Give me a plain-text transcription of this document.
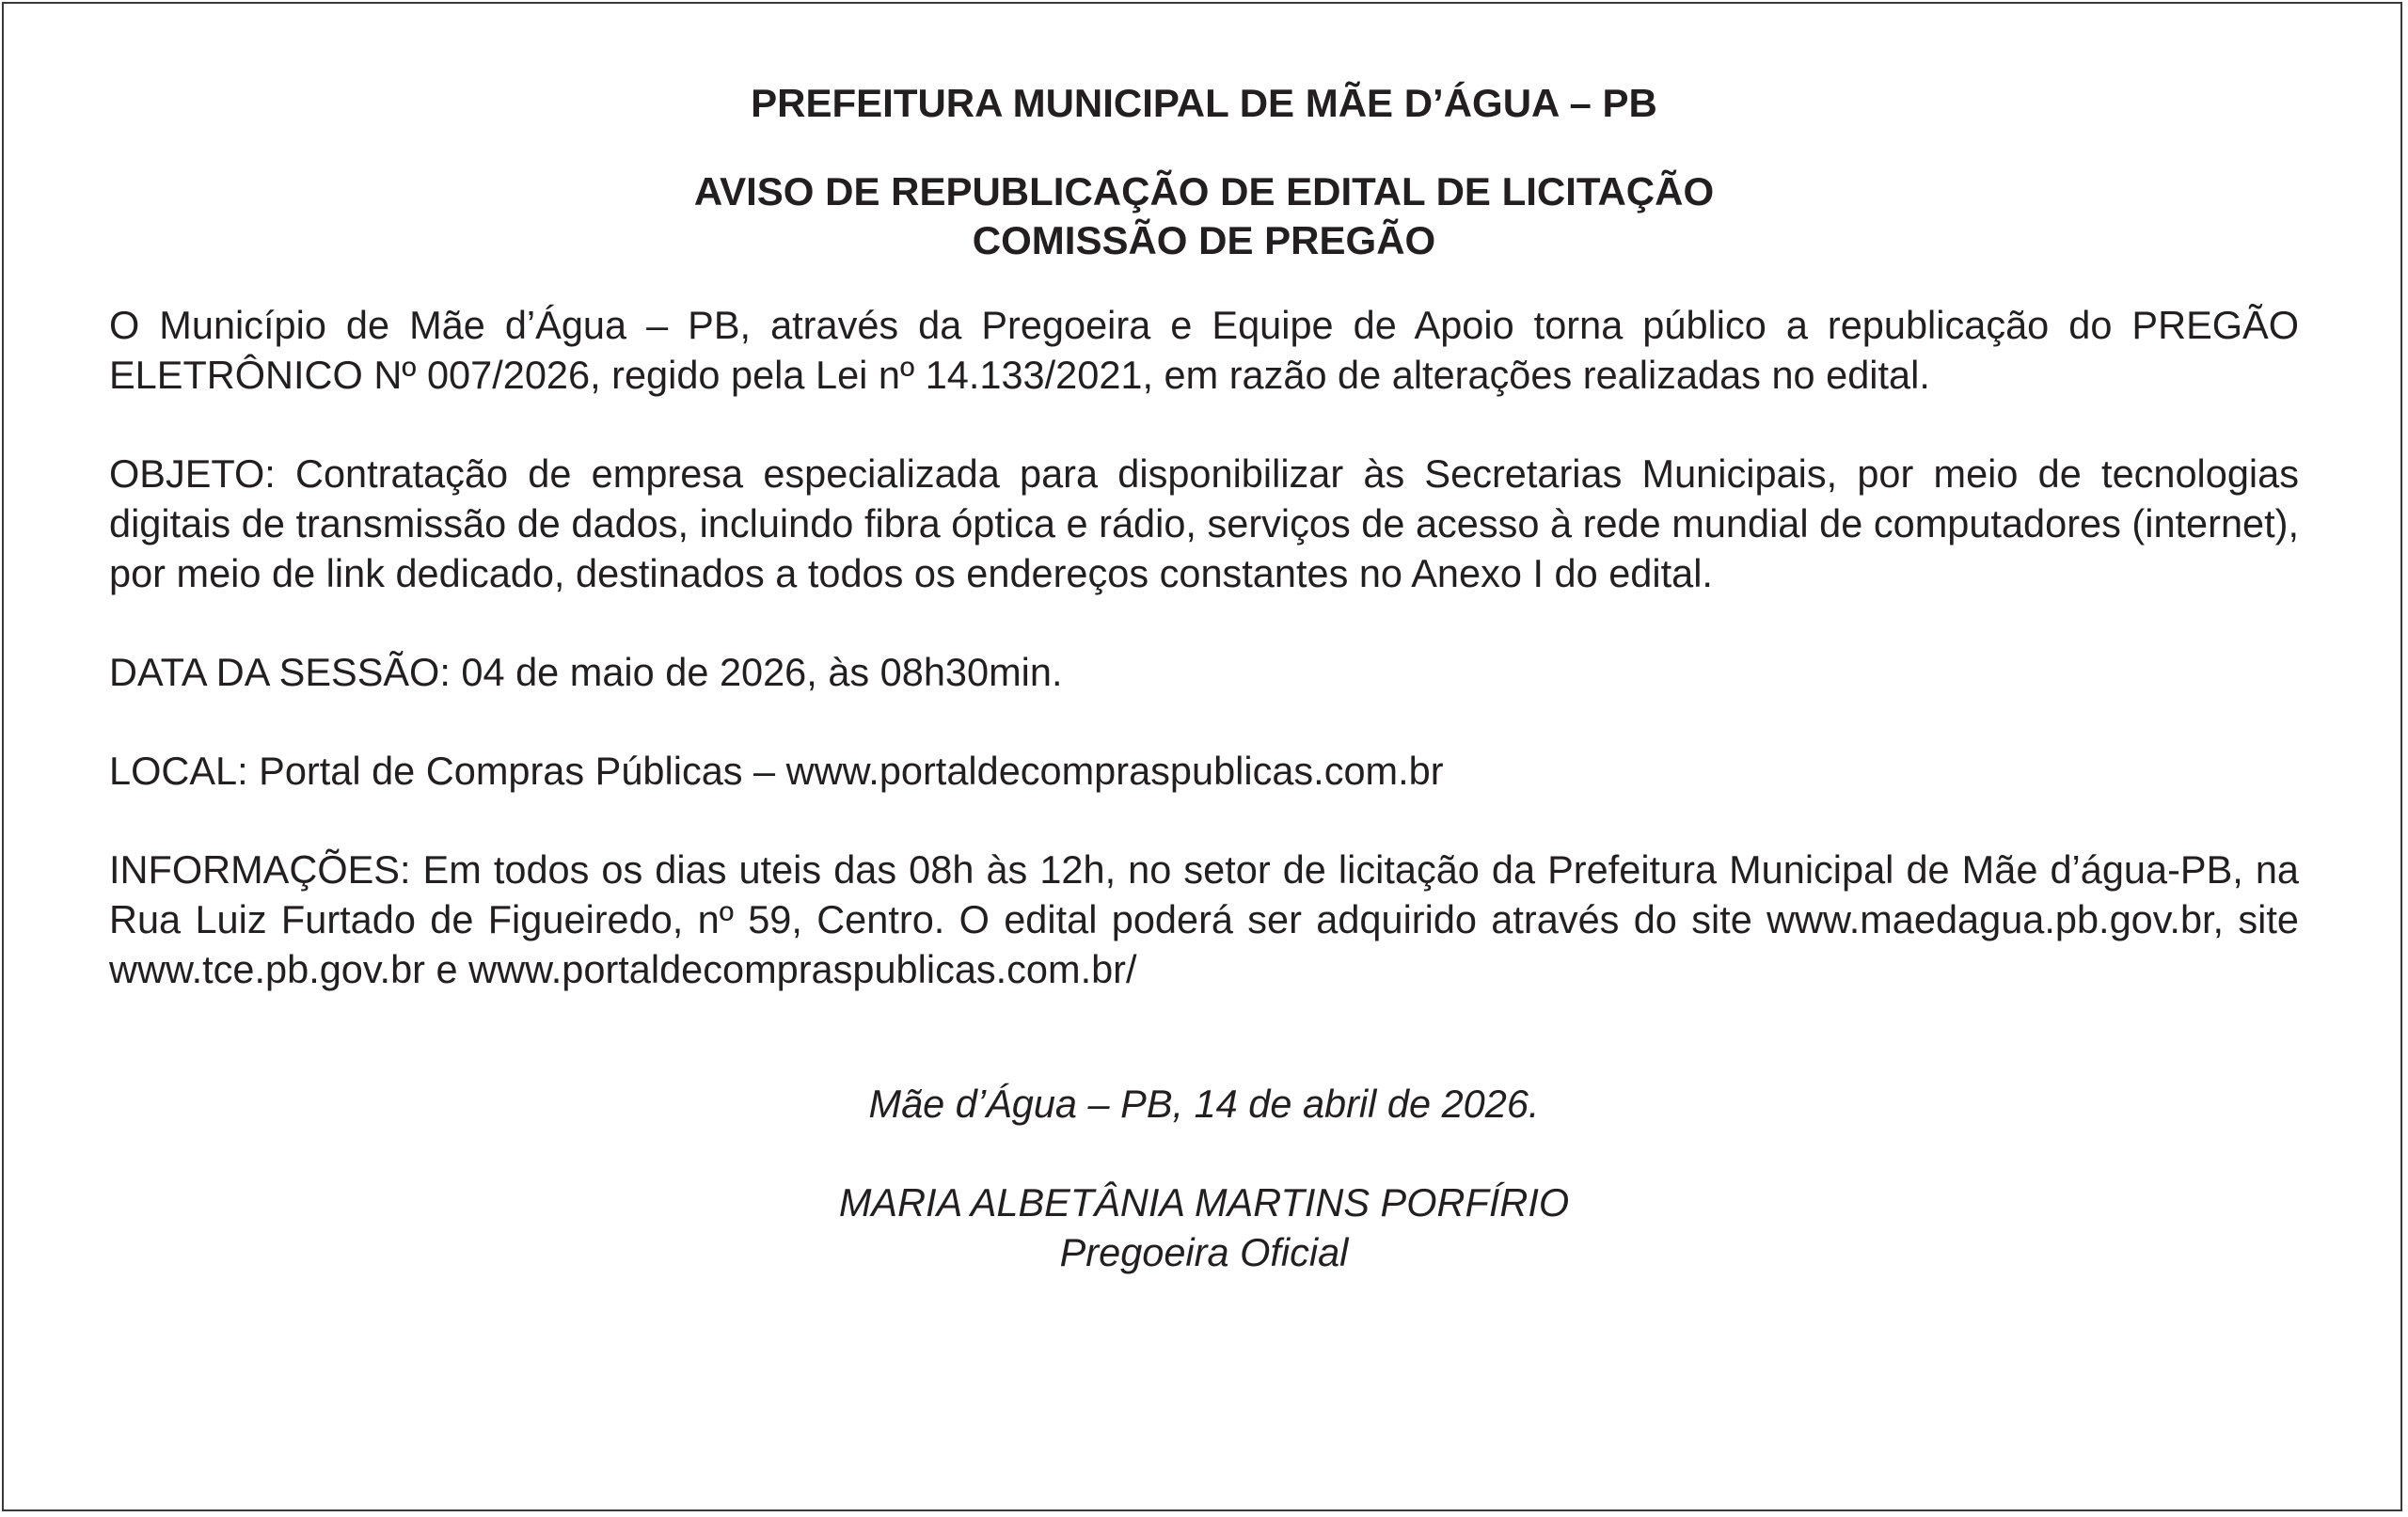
PREFEITURA MUNICIPAL DE MÃE D’ÁGUA – PB

AVISO DE REPUBLICAÇÃO DE EDITAL DE LICITAÇÃO

COMISSÃO DE PREGÃO

O Município de Mãe d’Água – PB, através da Pregoeira e Equipe de Apoio torna público a republicação do PREGÃO ELETRÔNICO Nº 007/2026, regido pela Lei nº 14.133/2021, em razão de alterações realizadas no edital.

OBJETO: Contratação de empresa especializada para disponibilizar às Secretarias Municipais, por meio de tecnologias digitais de transmissão de dados, incluindo fibra óptica e rádio, serviços de acesso à rede mundial de computadores (internet), por meio de link dedicado, destinados a todos os endereços constantes no Anexo I do edital.

DATA DA SESSÃO: 04 de maio de 2026, às 08h30min.

LOCAL: Portal de Compras Públicas – www.portaldecompraspublicas.com.br

INFORMAÇÕES: Em todos os dias uteis das 08h às 12h, no setor de licitação da Prefeitura Municipal de Mãe d’água-PB, na Rua Luiz Furtado de Figueiredo, nº 59, Centro. O edital poderá ser adquirido através do site www.maedagua.pb.gov.br, site www.tce.pb.gov.br e www.portaldecompraspublicas.com.br/

Mãe d’Água – PB, 14 de abril de 2026.

MARIA ALBETÂNIA MARTINS PORFÍRIO

Pregoeira Oficial
